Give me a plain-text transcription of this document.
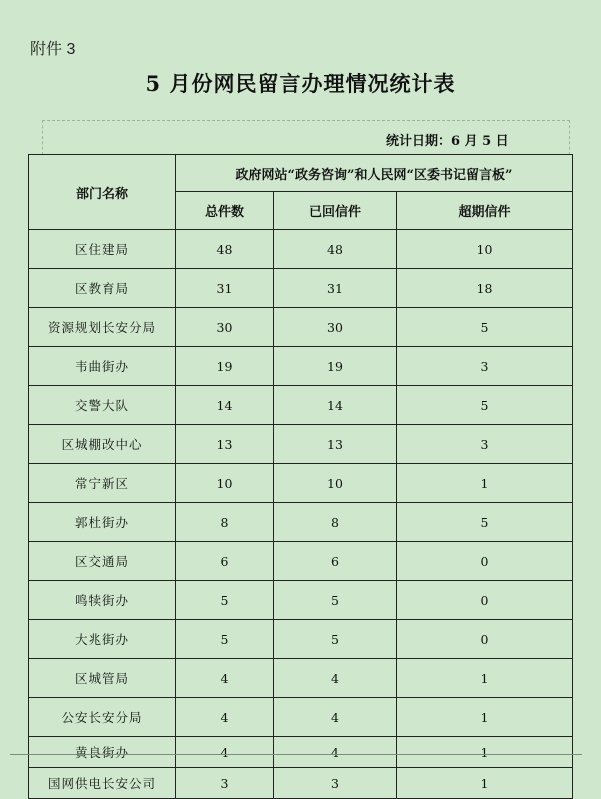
附件 3
5 月份网民留言办理情况统计表
统计日期：6 月 5 日
部门名称	政府网站“政务咨询”和人民网“区委书记留言板”		
	总件数	已回信件	超期信件
区住建局	48	48	10
区教育局	31	31	18
资源规划长安分局	30	30	5
韦曲街办	19	19	3
交警大队	14	14	5
区城棚改中心	13	13	3
常宁新区	10	10	1
郭杜街办	8	8	5
区交通局	6	6	0
鸣犊街办	5	5	0
大兆街办	5	5	0
区城管局	4	4	1
公安长安分局	4	4	1
黄良街办	4	4	1
国网供电长安公司	3	3	1
